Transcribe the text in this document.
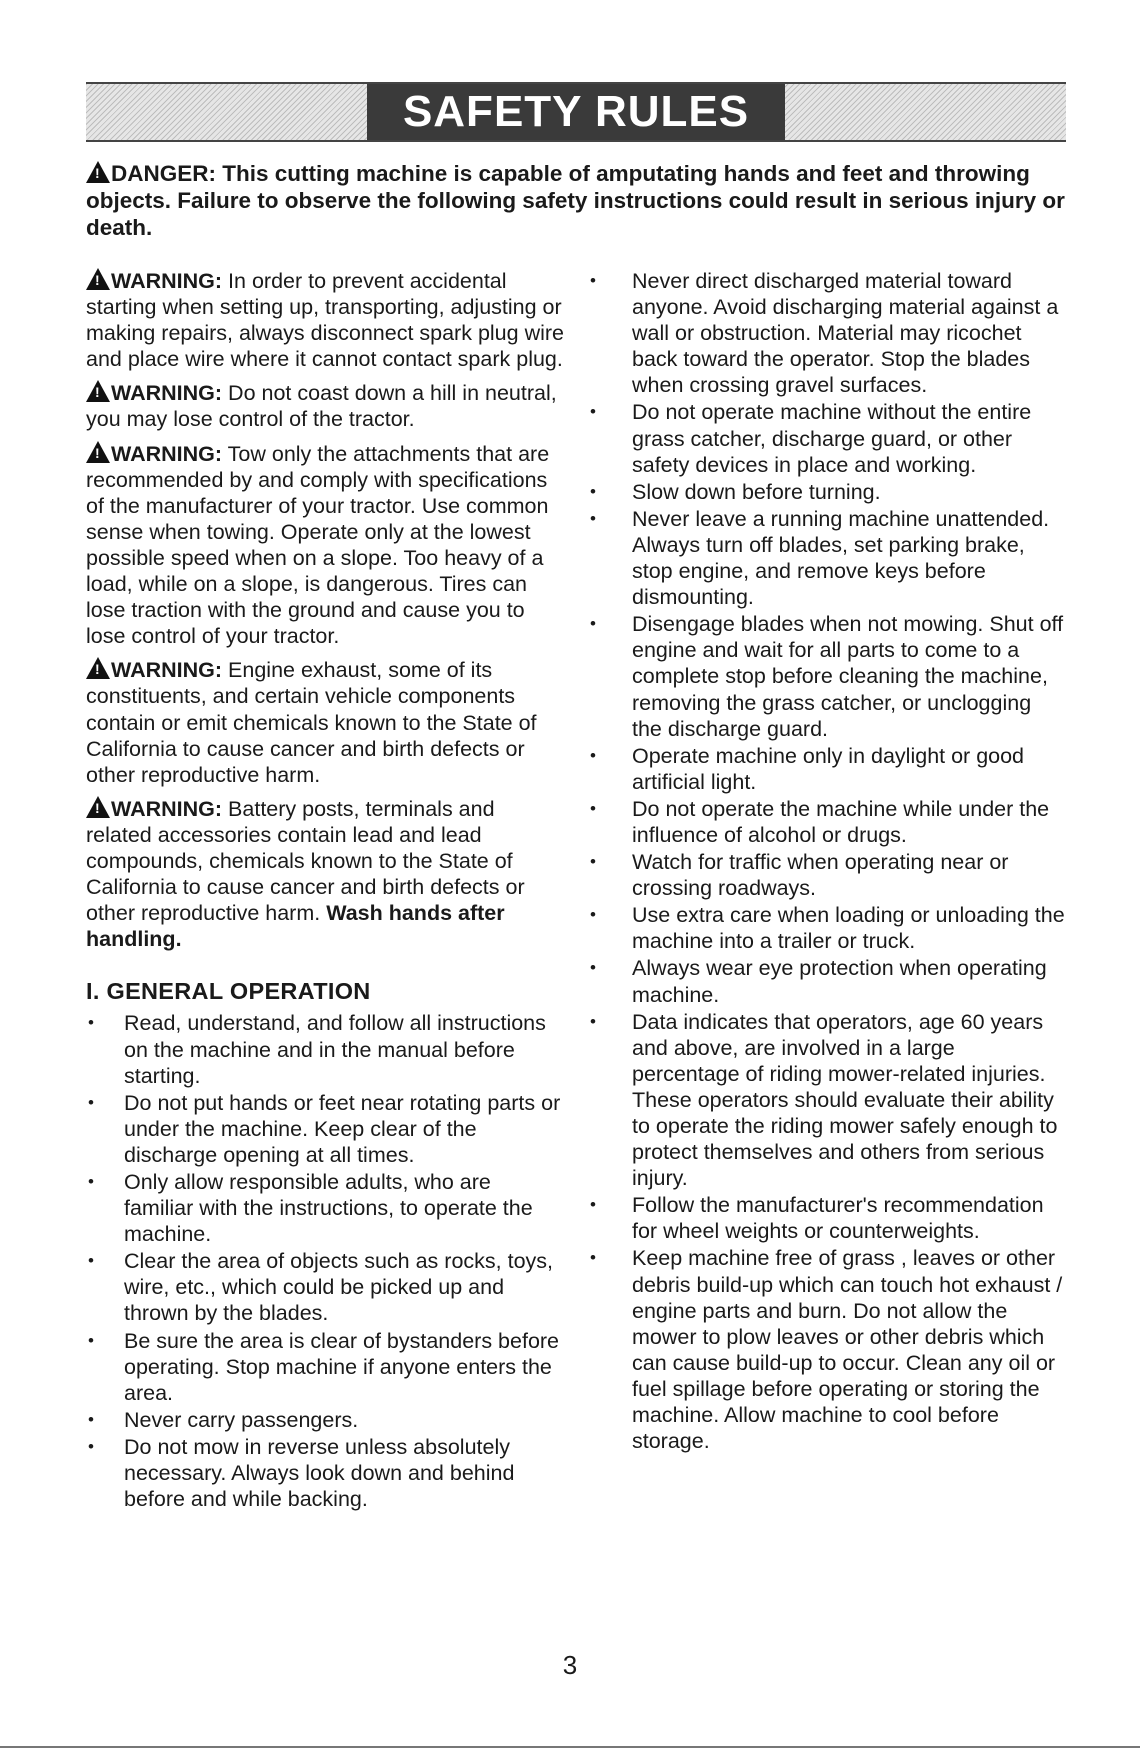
SAFETY RULES
!DANGER: This cutting machine is capable of amputating hands and feet and throwing objects. Failure to observe the following safety instructions could result in serious injury or death.

!WARNING: In order to prevent accidental starting when setting up, transporting, adjusting or making repairs, always disconnect spark plug wire and place wire where it cannot contact spark plug.

!WARNING: Do not coast down a hill in neutral, you may lose control of the tractor.

!WARNING: Tow only the attachments that are recommended by and comply with specifications of the manufacturer of your tractor. Use common sense when towing. Operate only at the lowest possible speed when on a slope. Too heavy of a load, while on a slope, is dangerous. Tires can lose traction with the ground and cause you to lose control of your tractor.

!WARNING: Engine exhaust, some of its constituents, and certain vehicle components contain or emit chemicals known to the State of California to cause cancer and birth defects or other reproductive harm.

!WARNING: Battery posts, terminals and related accessories contain lead and lead compounds, chemicals known to the State of California to cause cancer and birth defects or other reproductive harm. Wash hands after handling.

I. GENERAL OPERATION
• Read, understand, and follow all instructions on the machine and in the manual before starting.
• Do not put hands or feet near rotating parts or under the machine. Keep clear of the discharge opening at all times.
• Only allow responsible adults, who are familiar with the instructions, to operate the machine.
• Clear the area of objects such as rocks, toys, wire, etc., which could be picked up and thrown by the blades.
• Be sure the area is clear of bystanders before operating. Stop machine if anyone enters the area.
• Never carry passengers.
• Do not mow in reverse unless absolutely necessary. Always look down and behind before and while backing.
• Never direct discharged material toward anyone. Avoid discharging material against a wall or obstruction. Material may ricochet back toward the operator. Stop the blades when crossing gravel surfaces.
• Do not operate machine without the entire grass catcher, discharge guard, or other safety devices in place and working.
• Slow down before turning.
• Never leave a running machine unattended. Always turn off blades, set parking brake, stop engine, and remove keys before dismounting.
• Disengage blades when not mowing. Shut off engine and wait for all parts to come to a complete stop before cleaning the machine, removing the grass catcher, or unclogging the discharge guard.
• Operate machine only in daylight or good artificial light.
• Do not operate the machine while under the influence of alcohol or drugs.
• Watch for traffic when operating near or crossing roadways.
• Use extra care when loading or unloading the machine into a trailer or truck.
• Always wear eye protection when operating machine.
• Data indicates that operators, age 60 years and above, are involved in a large percentage of riding mower-related injuries. These operators should evaluate their ability to operate the riding mower safely enough to protect themselves and others from serious injury.
• Follow the manufacturer's recommendation for wheel weights or counterweights.
• Keep machine free of grass , leaves or other debris build-up which can touch hot exhaust / engine parts and burn. Do not allow the mower to plow leaves or other debris which can cause build-up to occur. Clean any oil or fuel spillage before operating or storing the machine. Allow machine to cool before storage.
3
